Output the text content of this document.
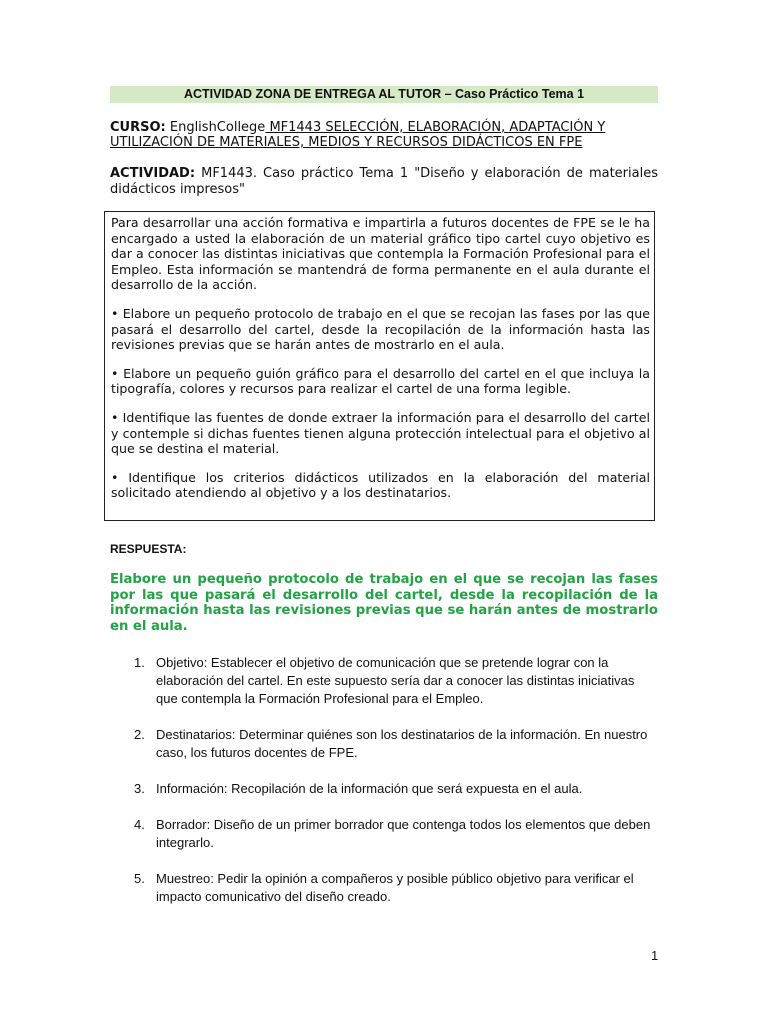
ACTIVIDAD ZONA DE ENTREGA AL TUTOR – Caso Práctico Tema 1
CURSO: EnglishCollege MF1443 SELECCIÓN, ELABORACIÓN, ADAPTACIÓN Y UTILIZACIÓN DE MATERIALES, MEDIOS Y RECURSOS DIDÁCTICOS EN FPE
ACTIVIDAD: MF1443. Caso práctico Tema 1 "Diseño y elaboración de materiales didácticos impresos"

Para desarrollar una acción formativa e impartirla a futuros docentes de FPE se le ha encargado a usted la elaboración de un material gráfico tipo cartel cuyo objetivo es dar a conocer las distintas iniciativas que contempla la Formación Profesional para el Empleo. Esta información se mantendrá de forma permanente en el aula durante el desarrollo de la acción.

• Elabore un pequeño protocolo de trabajo en el que se recojan las fases por las que pasará el desarrollo del cartel, desde la recopilación de la información hasta las revisiones previas que se harán antes de mostrarlo en el aula.

• Elabore un pequeño guión gráfico para el desarrollo del cartel en el que incluya la tipografía, colores y recursos para realizar el cartel de una forma legible.

• Identifique las fuentes de donde extraer la información para el desarrollo del cartel y contemple si dichas fuentes tienen alguna protección intelectual para el objetivo al que se destina el material.

• Identifique los criterios didácticos utilizados en la elaboración del material solicitado atendiendo al objetivo y a los destinatarios.

RESPUESTA:
Elabore un pequeño protocolo de trabajo en el que se recojan las fases por las que pasará el desarrollo del cartel, desde la recopilación de la información hasta las revisiones previas que se harán antes de mostrarlo en el aula.
1. Objetivo: Establecer el objetivo de comunicación que se pretende lograr con la elaboración del cartel. En este supuesto sería dar a conocer las distintas iniciativas que contempla la Formación Profesional para el Empleo.
2. Destinatarios: Determinar quiénes son los destinatarios de la información. En nuestro caso, los futuros docentes de FPE.
3. Información: Recopilación de la información que será expuesta en el aula.
4. Borrador: Diseño de un primer borrador que contenga todos los elementos que deben integrarlo.
5. Muestreo: Pedir la opinión a compañeros y posible público objetivo para verificar el impacto comunicativo del diseño creado.
1
